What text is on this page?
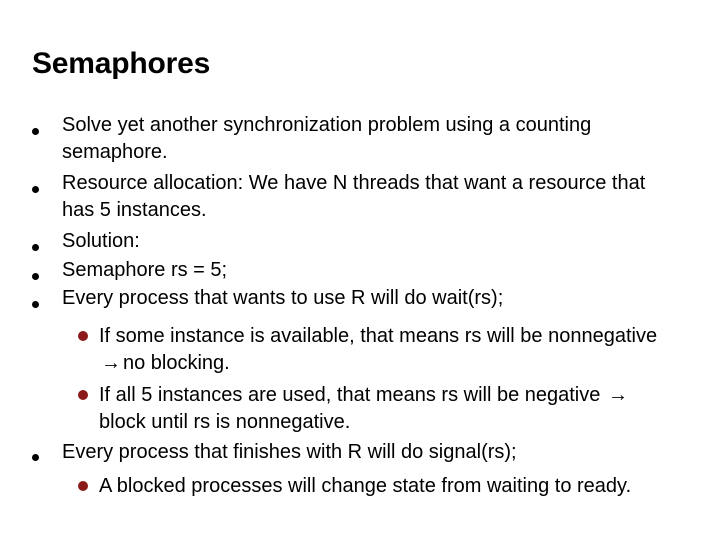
Semaphores
Solve yet another synchronization problem using a counting
semaphore.
Resource allocation: We have N threads that want a resource that
has 5 instances.
Solution:
Semaphore rs = 5;
Every process that wants to use R will do wait(rs);
If some instance is available, that means rs will be nonnegative
→ no blocking.
If all 5 instances are used, that means rs will be negative →
block until rs is nonnegative.
Every process that finishes with R will do signal(rs);
A blocked processes will change state from waiting to ready.
